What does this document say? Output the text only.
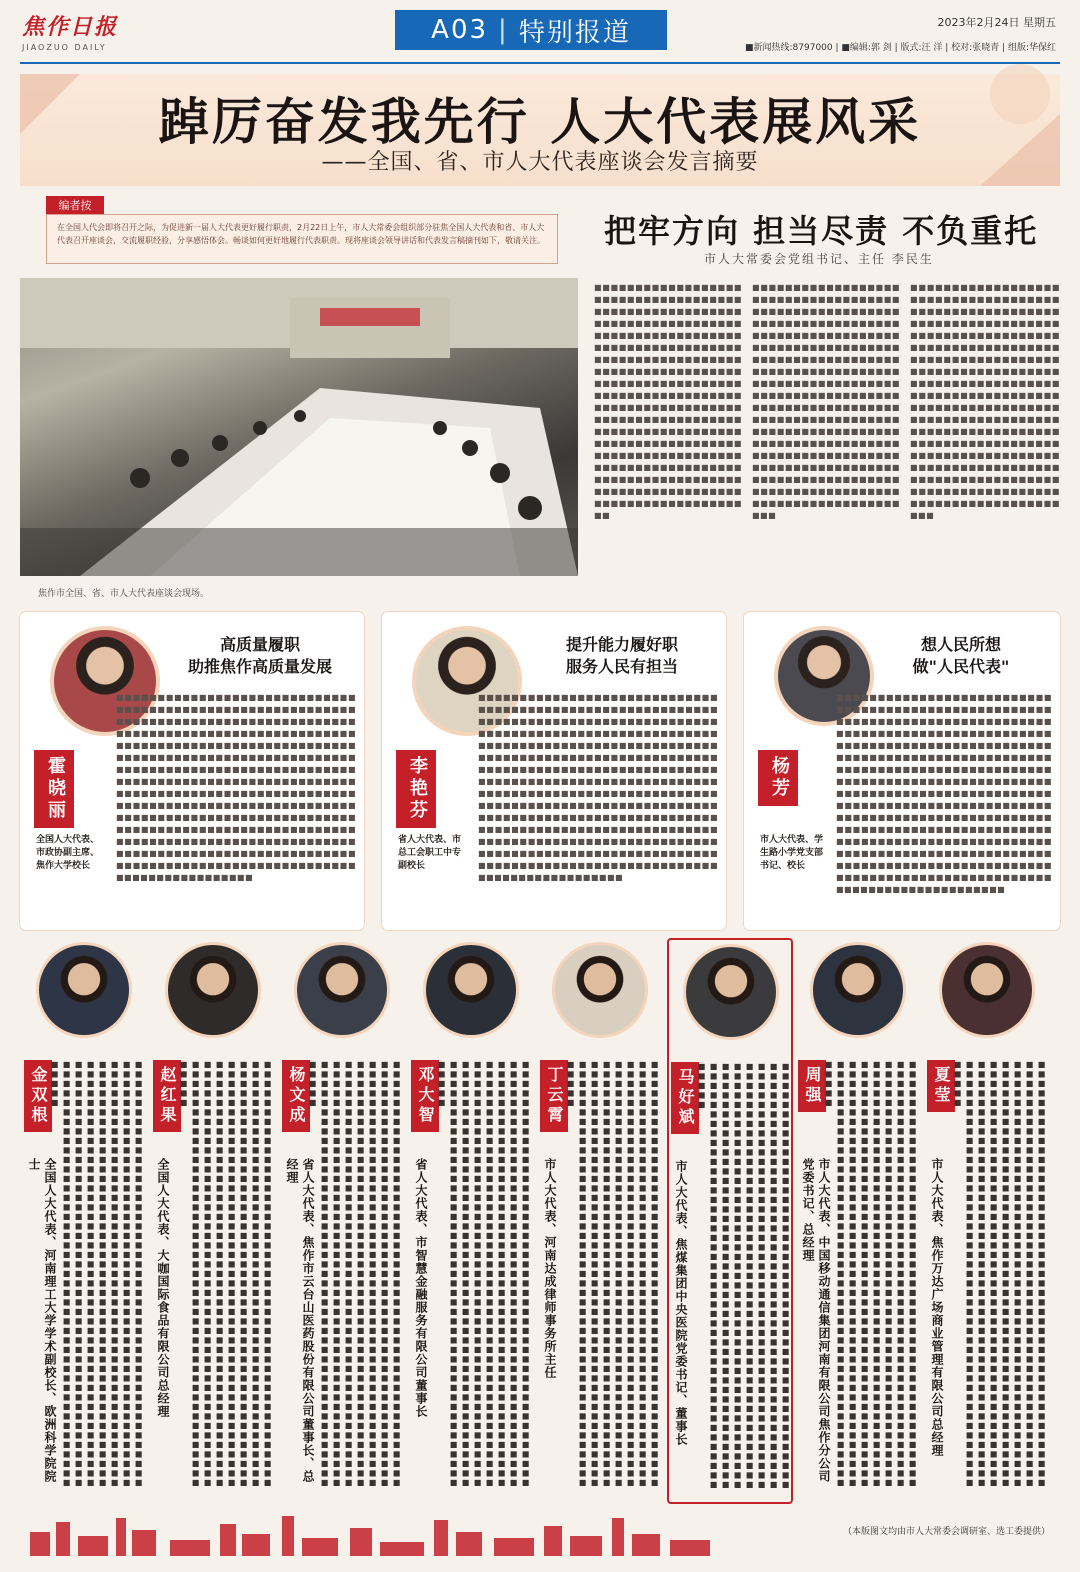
焦作日报
JIAOZUO DAILY
A03 | 特别报道	2023年2月24日 星期五
■新闻热线:8797000 | ■编辑:郭 剑 | 版式:汪 洋 | 校对:张晓青 | 组版:华保红
踔厉奋发我先行 人大代表展风采
——全国、省、市人大代表座谈会发言摘要
编者按
在全国人代会即将召开之际，为促进新一届人大代表更好履行职责，2月22日上午，市人大常委会组织部分驻焦全国人大代表和省、市人大代表召开座谈会，交流履职经验，分享感悟体会。畅谈如何更好地履行代表职责。现将座谈会领导讲话和代表发言稿摘刊如下，敬请关注。	把牢方向 担当尽责 不负重托
市人大常委会党组书记、主任 李民生
焦作市全国、省、市人大代表座谈会现场。
■■■■■■■■■■■■■■■■■■■■■■■■■■■■■■■■■■■■■■■■■■■■■■■■■■■■■■■■■■■■■■■■■■■■■■■■■■■■■■■■■■■■■■■■■■■■■■■■■■■■■■■■■■■■■■■■■■■■■■■■■■■■■■■■■■■■■■■■■■■■■■■■■■■■■■■■■■■■■■■■■■■■■■■■■■■■■■■■■■■■■■■■■■■■■■■■■■■■■■■■■■■■■■■■■■■■■■■■■■■■■■■■■■■■■■■■■■■■■■■■■■■■■■■■■■■■■■■■■■■■■■■■■■■■■■■■■■■■■■■■■■■■■■■■■■■■■■■■■■■■■■■■■■■■■■■■■■■■■■■■■■■■■■■■■■■■■■■■■■■■■■■■
■■■■■■■■■■■■■■■■■■■■■■■■■■■■■■■■■■■■■■■■■■■■■■■■■■■■■■■■■■■■■■■■■■■■■■■■■■■■■■■■■■■■■■■■■■■■■■■■■■■■■■■■■■■■■■■■■■■■■■■■■■■■■■■■■■■■■■■■■■■■■■■■■■■■■■■■■■■■■■■■■■■■■■■■■■■■■■■■■■■■■■■■■■■■■■■■■■■■■■■■■■■■■■■■■■■■■■■■■■■■■■■■■■■■■■■■■■■■■■■■■■■■■■■■■■■■■■■■■■■■■■■■■■■■■■■■■■■■■■■■■■■■■■■■■■■■■■■■■■■■■■■■■■■■■■■■■■■■■■■■■■■■■■■■■■■■■■■■■■■■■■■■■
■■■■■■■■■■■■■■■■■■■■■■■■■■■■■■■■■■■■■■■■■■■■■■■■■■■■■■■■■■■■■■■■■■■■■■■■■■■■■■■■■■■■■■■■■■■■■■■■■■■■■■■■■■■■■■■■■■■■■■■■■■■■■■■■■■■■■■■■■■■■■■■■■■■■■■■■■■■■■■■■■■■■■■■■■■■■■■■■■■■■■■■■■■■■■■■■■■■■■■■■■■■■■■■■■■■■■■■■■■■■■■■■■■■■■■■■■■■■■■■■■■■■■■■■■■■■■■■■■■■■■■■■■■■■■■■■■■■■■■■■■■■■■■■■■■■■■■■■■■■■■■■■■■■■■■■■■■■■■■■■■■■■■■■■■■■■■■■■■■■■■■■■■
高质量履职
助推焦作高质量发展
霍晓丽
全国人大代表、市政协副主席、焦作大学校长
■■■■■■■■■■■■■■■■■■■■■■■■■■■■■■■■■■■■■■■■■■■■■■■■■■■■■■■■■■■■■■■■■■■■■■■■■■■■■■■■■■■■■■■■■■■■■■■■■■■■■■■■■■■■■■■■■■■■■■■■■■■■■■■■■■■■■■■■■■■■■■■■■■■■■■■■■■■■■■■■■■■■■■■■■■■■■■■■■■■■■■■■■■■■■■■■■■■■■■■■■■■■■■■■■■■■■■■■■■■■■■■■■■■■■■■■■■■■■■■■■■■■■■■■■■■■■■■■■■■■■■■■■■■■■■■■■■■■■■■■■■■■■■■■■■■■■■■■■■■■■■■■■■■■■■■■■■■■■■■■■■■■■■■■■■■■■■■■■■■■■■■■■■■■■■■■■■■■■■■■■■■■■■■■■■■■■■■■■■■■■■■■■■■■■■■■■■■■■■■■■■■■■■■■■■■■■■■■■■■■■■■■■■■■■■■■■■■■■■■■■■■■■■■■■■■■
提升能力履好职
服务人民有担当
李艳芬
省人大代表、市总工会职工中专副校长
■■■■■■■■■■■■■■■■■■■■■■■■■■■■■■■■■■■■■■■■■■■■■■■■■■■■■■■■■■■■■■■■■■■■■■■■■■■■■■■■■■■■■■■■■■■■■■■■■■■■■■■■■■■■■■■■■■■■■■■■■■■■■■■■■■■■■■■■■■■■■■■■■■■■■■■■■■■■■■■■■■■■■■■■■■■■■■■■■■■■■■■■■■■■■■■■■■■■■■■■■■■■■■■■■■■■■■■■■■■■■■■■■■■■■■■■■■■■■■■■■■■■■■■■■■■■■■■■■■■■■■■■■■■■■■■■■■■■■■■■■■■■■■■■■■■■■■■■■■■■■■■■■■■■■■■■■■■■■■■■■■■■■■■■■■■■■■■■■■■■■■■■■■■■■■■■■■■■■■■■■■■■■■■■■■■■■■■■■■■■■■■■■■■■■■■■■■■■■■■■■■■■■■■■■■■■■■■■■■■■■■■■■■■■■■■■■■■■■■■■■■■■■■■■■■■■■
想人民所想
做"人民代表"
杨芳
市人大代表、学生路小学党支部书记、校长
■■■■■■■■■■■■■■■■■■■■■■■■■■■■■■■■■■■■■■■■■■■■■■■■■■■■■■■■■■■■■■■■■■■■■■■■■■■■■■■■■■■■■■■■■■■■■■■■■■■■■■■■■■■■■■■■■■■■■■■■■■■■■■■■■■■■■■■■■■■■■■■■■■■■■■■■■■■■■■■■■■■■■■■■■■■■■■■■■■■■■■■■■■■■■■■■■■■■■■■■■■■■■■■■■■■■■■■■■■■■■■■■■■■■■■■■■■■■■■■■■■■■■■■■■■■■■■■■■■■■■■■■■■■■■■■■■■■■■■■■■■■■■■■■■■■■■■■■■■■■■■■■■■■■■■■■■■■■■■■■■■■■■■■■■■■■■■■■■■■■■■■■■■■■■■■■■■■■■■■■■■■■■■■■■■■■■■■■■■■■■■■■■■■■■■■■■■■■■■■■■■■■■■■■■■■■■■■■■■■■■■■■■■■■■■■■■■■■■
金双根
全国人大代表、河南理工大学学术副校长、欧洲科学院院士	■■■■■■■■■■■■■■■■■■■■■■■■■■■■■■■■■■■■■■■■■■■■■■■■■■■■■■■■■■■■■■■■■■■■■■■■■■■■■■■■■■■■■■■■■■■■■■■■■■■■■■■■■■■■■■■■■■■■■■■■■■■■■■■■■■■■■■■■■■■■■■■■■■■■■■■■■■■■■■■■■■■■■■■■■■■■■■■■■■■■■■■■■■■■■■■■■■■■■■■■■■■■■■■■■■■■■■■■■■■■■■■■■■■■■■■■■■■■■■■■■■■■■■■■■■■■■■■■■■■■■■■■■■■■■■■■■■■■■■■■■■■■■■■■■■■■■■■■■■■■■■■■■■■■■■■■■■■■■■■■	赵红果
全国人大代表、大咖国际食品有限公司总经理	■■■■■■■■■■■■■■■■■■■■■■■■■■■■■■■■■■■■■■■■■■■■■■■■■■■■■■■■■■■■■■■■■■■■■■■■■■■■■■■■■■■■■■■■■■■■■■■■■■■■■■■■■■■■■■■■■■■■■■■■■■■■■■■■■■■■■■■■■■■■■■■■■■■■■■■■■■■■■■■■■■■■■■■■■■■■■■■■■■■■■■■■■■■■■■■■■■■■■■■■■■■■■■■■■■■■■■■■■■■■■■■■■■■■■■■■■■■■■■■■■■■■■■■■■■■■■■■■■■■■■■■■■■■■■■■■■■■■■■■■■■■■■■■■■■■■■■■■■■■■■■■■■■■■■■■■■■■■■■■■	杨文成
省人大代表、焦作市云台山医药股份有限公司董事长、总经理	■■■■■■■■■■■■■■■■■■■■■■■■■■■■■■■■■■■■■■■■■■■■■■■■■■■■■■■■■■■■■■■■■■■■■■■■■■■■■■■■■■■■■■■■■■■■■■■■■■■■■■■■■■■■■■■■■■■■■■■■■■■■■■■■■■■■■■■■■■■■■■■■■■■■■■■■■■■■■■■■■■■■■■■■■■■■■■■■■■■■■■■■■■■■■■■■■■■■■■■■■■■■■■■■■■■■■■■■■■■■■■■■■■■■■■■■■■■■■■■■■■■■■■■■■■■■■■■■■■■■■■■■■■■■■■■■■■■■■■■■■■■■■■■■■■■■■■■■■■■■■■■■■■■■■■■■■■■■■■■■	邓大智
省人大代表、市智慧金融服务有限公司董事长	■■■■■■■■■■■■■■■■■■■■■■■■■■■■■■■■■■■■■■■■■■■■■■■■■■■■■■■■■■■■■■■■■■■■■■■■■■■■■■■■■■■■■■■■■■■■■■■■■■■■■■■■■■■■■■■■■■■■■■■■■■■■■■■■■■■■■■■■■■■■■■■■■■■■■■■■■■■■■■■■■■■■■■■■■■■■■■■■■■■■■■■■■■■■■■■■■■■■■■■■■■■■■■■■■■■■■■■■■■■■■■■■■■■■■■■■■■■■■■■■■■■■■■■■■■■■■■■■■■■■■■■■■■■■■■■■■■■■■■■■■■■■■■■■■■■■■■■■■■■■■■■■■■■■■■■■■■■■■■■■	丁云霄
市人大代表、河南达成律师事务所主任	■■■■■■■■■■■■■■■■■■■■■■■■■■■■■■■■■■■■■■■■■■■■■■■■■■■■■■■■■■■■■■■■■■■■■■■■■■■■■■■■■■■■■■■■■■■■■■■■■■■■■■■■■■■■■■■■■■■■■■■■■■■■■■■■■■■■■■■■■■■■■■■■■■■■■■■■■■■■■■■■■■■■■■■■■■■■■■■■■■■■■■■■■■■■■■■■■■■■■■■■■■■■■■■■■■■■■■■■■■■■■■■■■■■■■■■■■■■■■■■■■■■■■■■■■■■■■■■■■■■■■■■■■■■■■■■■■■■■■■■■■■■■■■■■■■■■■■■■■■■■■■■■■■■■■■■■■■■■■■■■	马好斌
市人大代表、焦煤集团中央医院党委书记、董事长	■■■■■■■■■■■■■■■■■■■■■■■■■■■■■■■■■■■■■■■■■■■■■■■■■■■■■■■■■■■■■■■■■■■■■■■■■■■■■■■■■■■■■■■■■■■■■■■■■■■■■■■■■■■■■■■■■■■■■■■■■■■■■■■■■■■■■■■■■■■■■■■■■■■■■■■■■■■■■■■■■■■■■■■■■■■■■■■■■■■■■■■■■■■■■■■■■■■■■■■■■■■■■■■■■■■■■■■■■■■■■■■■■■■■■■■■■■■■■■■■■■■■■■■■■■■■■■■■■■■■■■■■■■■■■■■■■■■■■■■■■■■■■■■■■■■■■■■■■■■■■■■■■■■■■■■■■■■■■■■■	周强
市人大代表、中国移动通信集团河南有限公司焦作分公司党委书记、总经理	■■■■■■■■■■■■■■■■■■■■■■■■■■■■■■■■■■■■■■■■■■■■■■■■■■■■■■■■■■■■■■■■■■■■■■■■■■■■■■■■■■■■■■■■■■■■■■■■■■■■■■■■■■■■■■■■■■■■■■■■■■■■■■■■■■■■■■■■■■■■■■■■■■■■■■■■■■■■■■■■■■■■■■■■■■■■■■■■■■■■■■■■■■■■■■■■■■■■■■■■■■■■■■■■■■■■■■■■■■■■■■■■■■■■■■■■■■■■■■■■■■■■■■■■■■■■■■■■■■■■■■■■■■■■■■■■■■■■■■■■■■■■■■■■■■■■■■■■■■■■■■■■■■■■■■■■■■■■■■■■	夏莹
市人大代表、焦作万达广场商业管理有限公司总经理	■■■■■■■■■■■■■■■■■■■■■■■■■■■■■■■■■■■■■■■■■■■■■■■■■■■■■■■■■■■■■■■■■■■■■■■■■■■■■■■■■■■■■■■■■■■■■■■■■■■■■■■■■■■■■■■■■■■■■■■■■■■■■■■■■■■■■■■■■■■■■■■■■■■■■■■■■■■■■■■■■■■■■■■■■■■■■■■■■■■■■■■■■■■■■■■■■■■■■■■■■■■■■■■■■■■■■■■■■■■■■■■■■■■■■■■■■■■■■■■■■■■■■■■■■■■■■■■■■■■■■■■■■■■■■■■■■■■■■■■■■■■■■■■■■■■■■■■■■■■■■■■■■■■■■■■■■■■■■■■■
（本版图文均由市人大常委会调研室、选工委提供）
